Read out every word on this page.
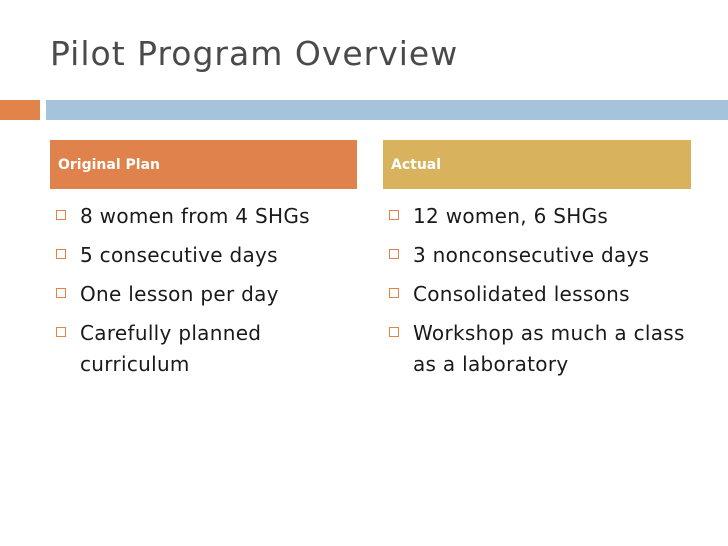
Pilot Program Overview
Original Plan
8 women from 4 SHGs
5 consecutive days
One lesson per day
Carefully planned curriculum
Actual
12 women, 6 SHGs
3 nonconsecutive days
Consolidated lessons
Workshop as much a class as a laboratory
